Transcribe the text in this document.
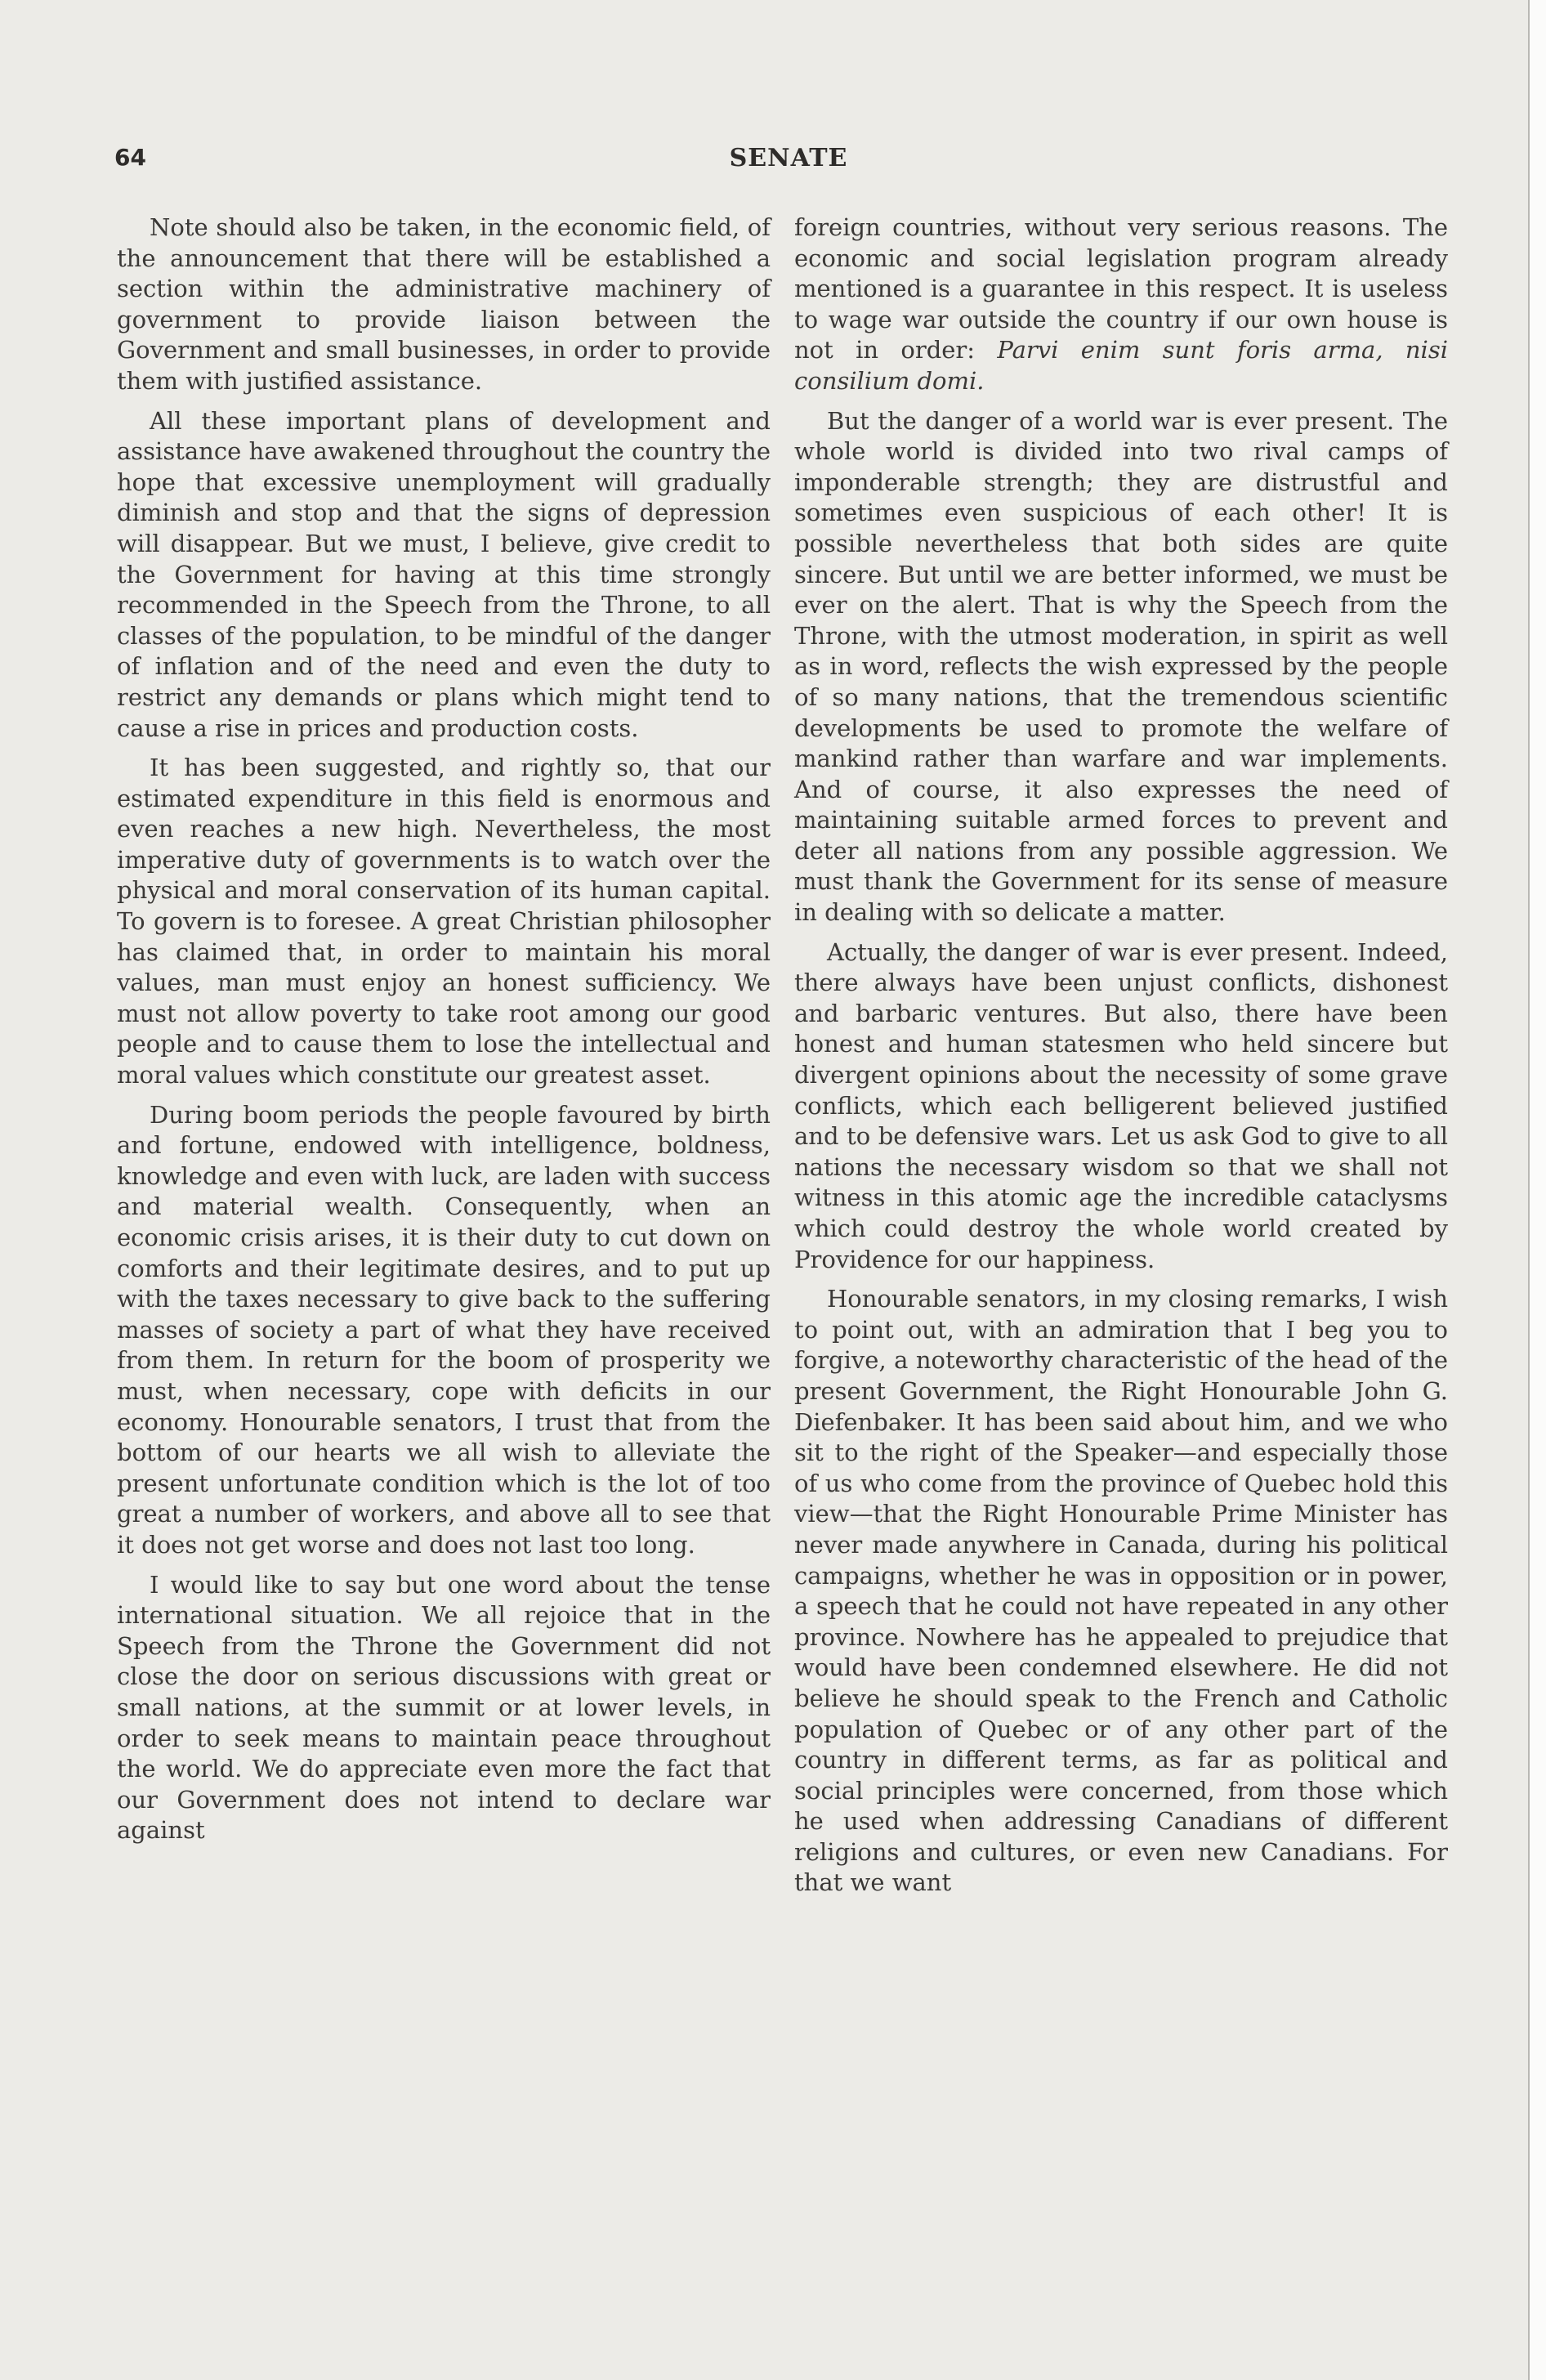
64	SENATE

Note should also be taken, in the economic field, of the announcement that there will be established a section within the administrative machinery of government to provide liaison between the Government and small businesses, in order to provide them with justified assistance.

All these important plans of development and assistance have awakened throughout the country the hope that excessive unemployment will gradually diminish and stop and that the signs of depression will disappear. But we must, I believe, give credit to the Government for having at this time strongly recommended in the Speech from the Throne, to all classes of the population, to be mindful of the danger of inflation and of the need and even the duty to restrict any demands or plans which might tend to cause a rise in prices and production costs.

It has been suggested, and rightly so, that our estimated expenditure in this field is enormous and even reaches a new high. Nevertheless, the most imperative duty of governments is to watch over the physical and moral conservation of its human capital. To govern is to foresee. A great Christian philosopher has claimed that, in order to maintain his moral values, man must enjoy an honest sufficiency. We must not allow poverty to take root among our good people and to cause them to lose the intellectual and moral values which constitute our greatest asset.

During boom periods the people favoured by birth and fortune, endowed with intelligence, boldness, knowledge and even with luck, are laden with success and material wealth. Consequently, when an economic crisis arises, it is their duty to cut down on comforts and their legitimate desires, and to put up with the taxes necessary to give back to the suffering masses of society a part of what they have received from them. In return for the boom of prosperity we must, when necessary, cope with deficits in our economy. Honourable senators, I trust that from the bottom of our hearts we all wish to alleviate the present unfortunate condition which is the lot of too great a number of workers, and above all to see that it does not get worse and does not last too long.

I would like to say but one word about the tense international situation. We all rejoice that in the Speech from the Throne the Government did not close the door on serious discussions with great or small nations, at the summit or at lower levels, in order to seek means to maintain peace throughout the world. We do appreciate even more the fact that our Government does not intend to declare war against

foreign countries, without very serious reasons. The economic and social legislation program already mentioned is a guarantee in this respect. It is useless to wage war outside the country if our own house is not in order: Parvi enim sunt foris arma, nisi consilium domi.

But the danger of a world war is ever present. The whole world is divided into two rival camps of imponderable strength; they are distrustful and sometimes even suspicious of each other! It is possible nevertheless that both sides are quite sincere. But until we are better informed, we must be ever on the alert. That is why the Speech from the Throne, with the utmost moderation, in spirit as well as in word, reflects the wish expressed by the people of so many nations, that the tremendous scientific developments be used to promote the welfare of mankind rather than warfare and war implements. And of course, it also expresses the need of maintaining suitable armed forces to prevent and deter all nations from any possible aggression. We must thank the Government for its sense of measure in dealing with so delicate a matter.

Actually, the danger of war is ever present. Indeed, there always have been unjust conflicts, dishonest and barbaric ventures. But also, there have been honest and human statesmen who held sincere but divergent opinions about the necessity of some grave conflicts, which each belligerent believed justified and to be defensive wars. Let us ask God to give to all nations the necessary wisdom so that we shall not witness in this atomic age the incredible cataclysms which could destroy the whole world created by Providence for our happiness.

Honourable senators, in my closing remarks, I wish to point out, with an admiration that I beg you to forgive, a noteworthy characteristic of the head of the present Government, the Right Honourable John G. Diefenbaker. It has been said about him, and we who sit to the right of the Speaker—and especially those of us who come from the province of Quebec hold this view—that the Right Honourable Prime Minister has never made anywhere in Canada, during his political campaigns, whether he was in opposition or in power, a speech that he could not have repeated in any other province. Nowhere has he appealed to prejudice that would have been condemned elsewhere. He did not believe he should speak to the French and Catholic population of Quebec or of any other part of the country in different terms, as far as political and social principles were concerned, from those which he used when addressing Canadians of different religions and cultures, or even new Canadians. For that we want
